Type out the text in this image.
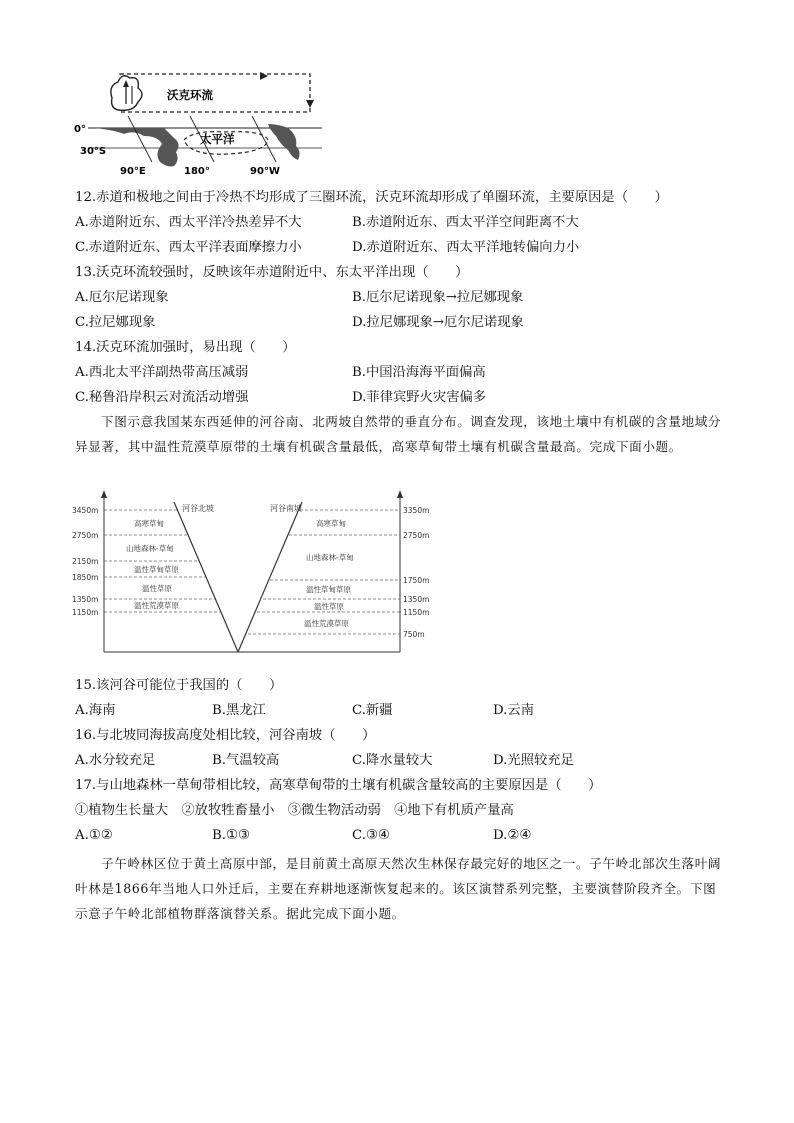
沃克环流
太平洋
0°
30°S
90°E	180°	90°W
12.赤道和极地之间由于冷热不均形成了三圈环流，沃克环流却形成了单圈环流，主要原因是（　　）
A.赤道附近东、西太平洋冷热差异不大	B.赤道附近东、西太平洋空间距离不大
C.赤道附近东、西太平洋表面摩擦力小	D.赤道附近东、西太平洋地转偏向力小
13.沃克环流较强时，反映该年赤道附近中、东太平洋出现（　　）
A.厄尔尼诺现象	B.厄尔尼诺现象→拉尼娜现象
C.拉尼娜现象	D.拉尼娜现象→厄尔尼诺现象
14.沃克环流加强时，易出现（　　）
A.西北太平洋副热带高压减弱	B.中国沿海海平面偏高
C.秘鲁沿岸积云对流活动增强	D.菲律宾野火灾害偏多
下图示意我国某东西延伸的河谷南、北两坡自然带的垂直分布。调查发现，该地土壤中有机碳的含量地域分异显著，其中温性荒漠草原带的土壤有机碳含量最低，高寒草甸带土壤有机碳含量最高。完成下面小题。
3450m
2750m
2150m
1850m
1350m
1150m
3350m
2750m
1750m
1350m
1150m
750m
河谷北坡	河谷南坡
高寒草甸
山地森林-草甸
温性草甸草原
温性草原
温性荒漠草原
高寒草甸
山地森林-草甸
温性草甸草原
温性草原
温性荒漠草原
15.该河谷可能位于我国的（　　）
A.海南	B.黑龙江	C.新疆	D.云南
16.与北坡同海拔高度处相比较，河谷南坡（　　）
A.水分较充足	B.气温较高	C.降水量较大	D.光照较充足
17.与山地森林一草甸带相比较，高寒草甸带的土壤有机碳含量较高的主要原因是（　　）
①植物生长量大　②放牧牲畜量小　③微生物活动弱　④地下有机质产量高
A.①②	B.①③	C.③④	D.②④
子午岭林区位于黄土高原中部，是目前黄土高原天然次生林保存最完好的地区之一。子午岭北部次生落叶阔叶林是1866年当地人口外迁后，主要在弃耕地逐渐恢复起来的。该区演替系列完整，主要演替阶段齐全。下图示意子午岭北部植物群落演替关系。据此完成下面小题。
